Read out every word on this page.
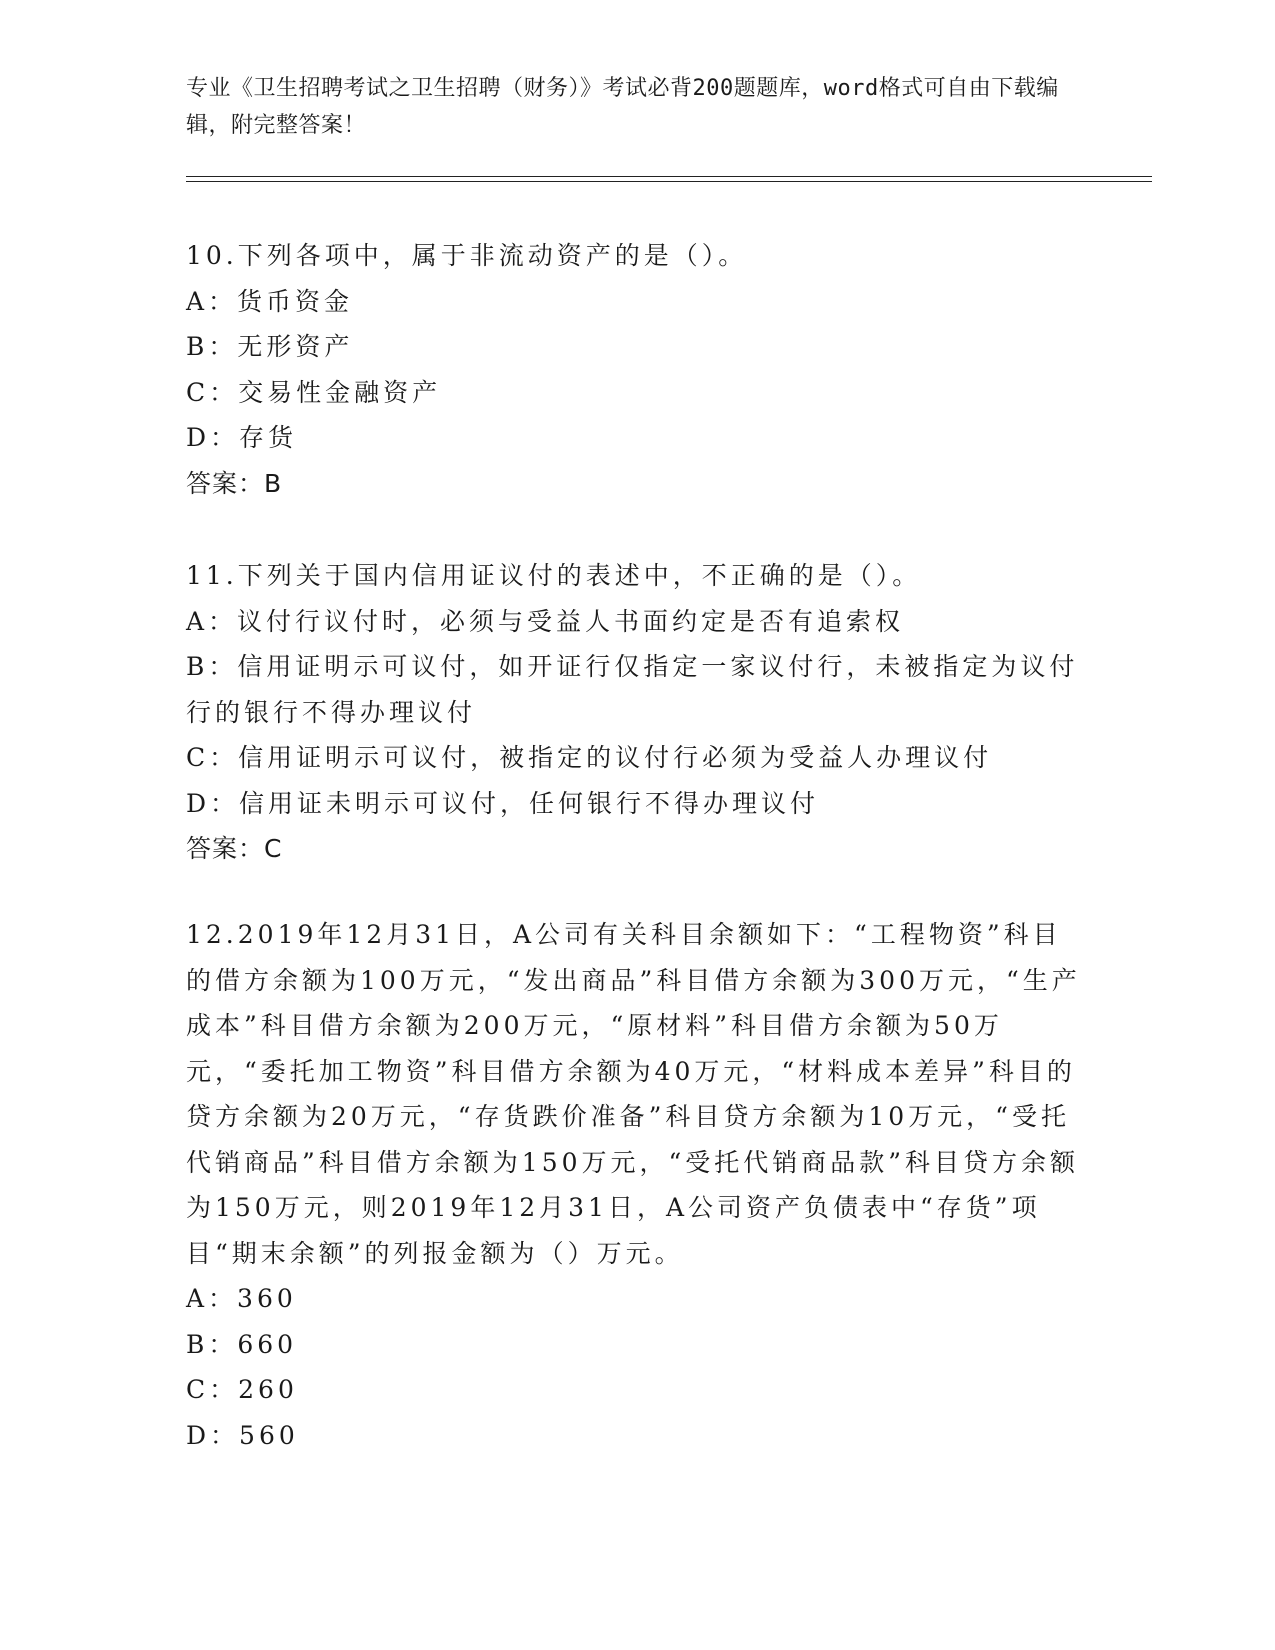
专业《卫生招聘考试之卫生招聘（财务）》考试必背200题题库，word格式可自由下载编辑，附完整答案！

10.下列各项中，属于非流动资产的是（）。

A：货币资金

B：无形资产

C：交易性金融资产

D：存货

答案：B

11.下列关于国内信用证议付的表述中，不正确的是（）。

A：议付行议付时，必须与受益人书面约定是否有追索权

B：信用证明示可议付，如开证行仅指定一家议付行，未被指定为议付行的银行不得办理议付

C：信用证明示可议付，被指定的议付行必须为受益人办理议付

D：信用证未明示可议付，任何银行不得办理议付

答案：C

12.2019年12月31日，A公司有关科目余额如下：“工程物资”科目的借方余额为100万元，“发出商品”科目借方余额为300万元，“生产成本”科目借方余额为200万元，“原材料”科目借方余额为50万元，“委托加工物资”科目借方余额为40万元，“材料成本差异”科目的贷方余额为20万元，“存货跌价准备”科目贷方余额为10万元，“受托代销商品”科目借方余额为150万元，“受托代销商品款”科目贷方余额为150万元，则2019年12月31日，A公司资产负债表中“存货”项目“期末余额”的列报金额为（）万元。

A：360

B：660

C：260

D：560
